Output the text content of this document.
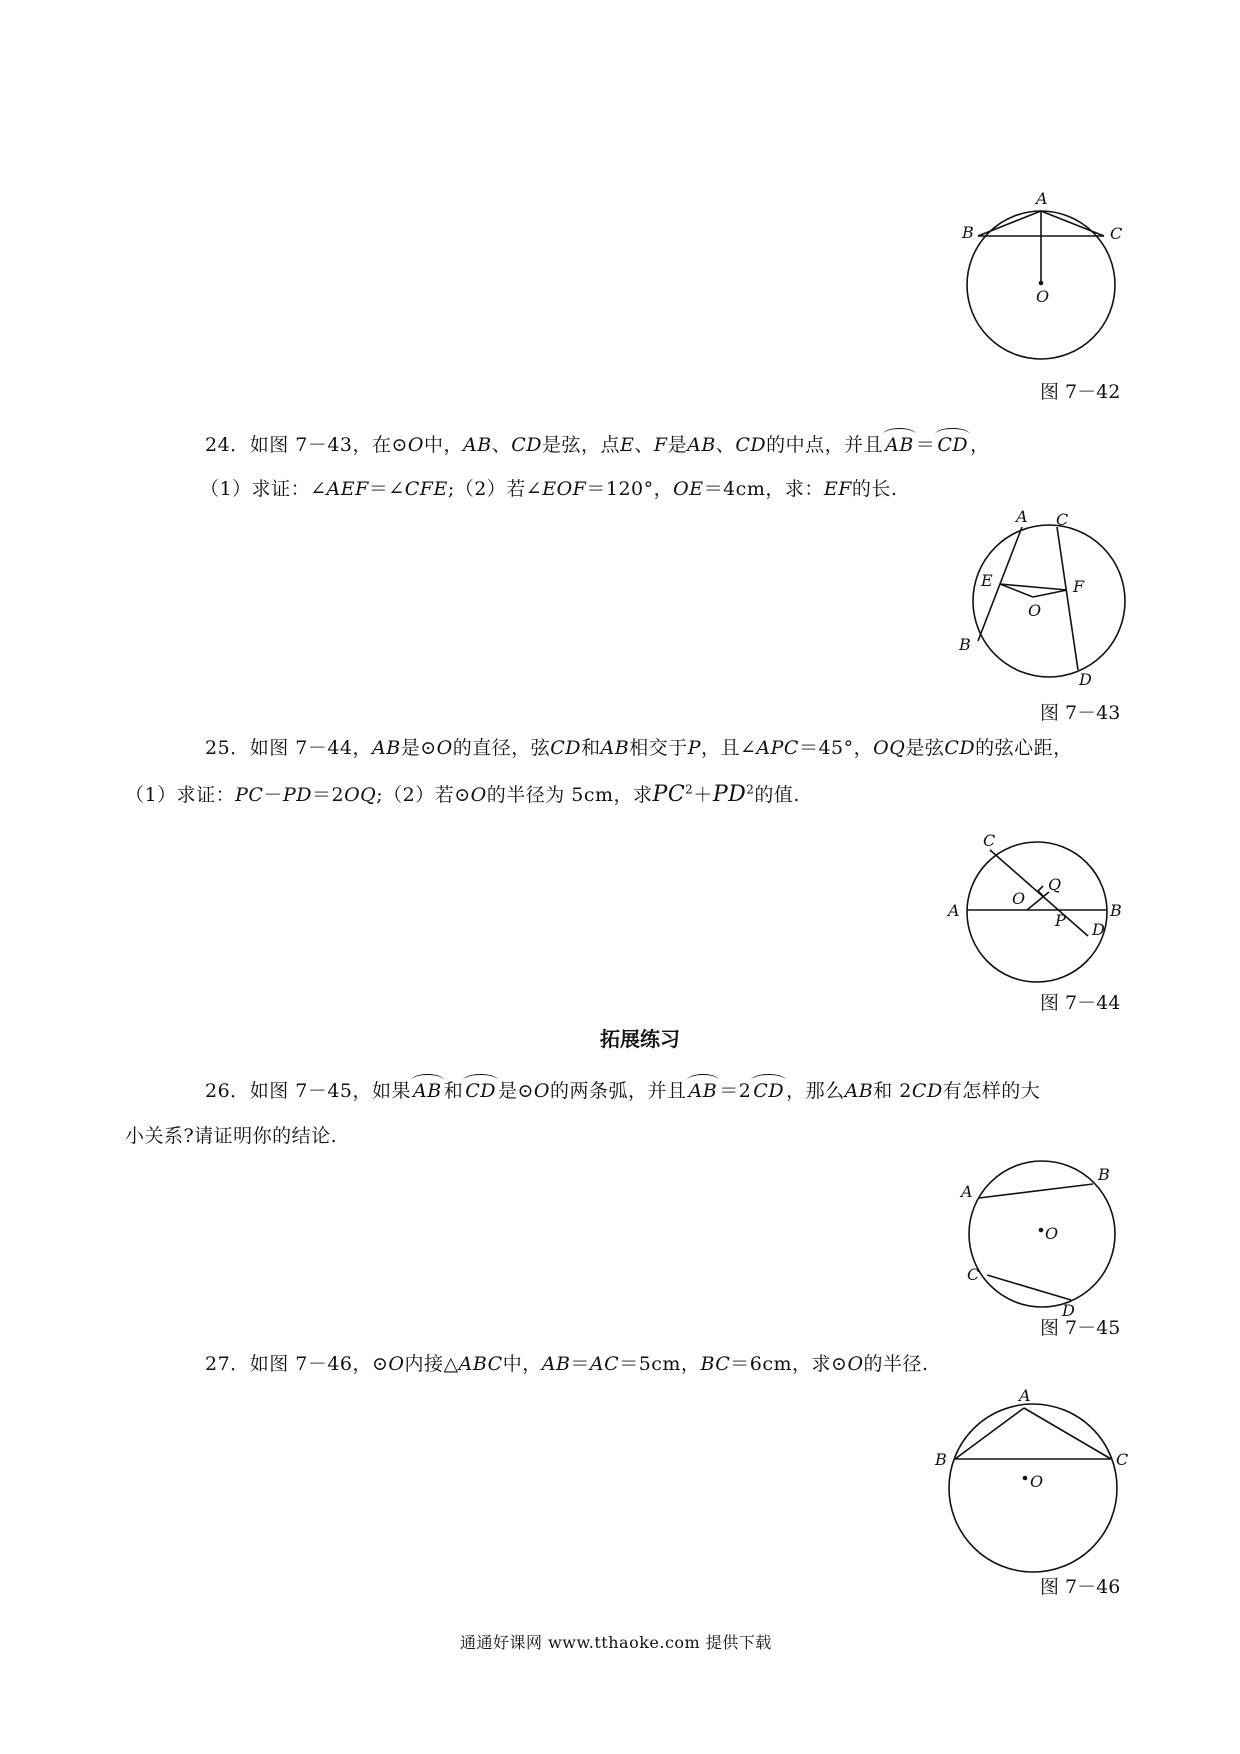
A
B	C
O
图 7－42
24．如图 7－43，在⊙O中，AB、CD是弦，点E、F是AB、CD的中点，并且 AB ＝ CD ，
（1）求证：∠AEF＝∠CFE;（2）若∠EOF＝120°，OE＝4cm，求：EF的长.
A C
E	F
O
B
D
图 7－43
25．如图 7－44，AB是⊙O的直径，弦CD和AB相交于P，且∠APC＝45°，OQ是弦CD的弦心距，
（1）求证：PC－PD＝2OQ;（2）若⊙O的半径为 5cm，求$PC^2+PD^2$的值.
C
A
O
Q
B
P D
图 7－44
拓展练习
26．如图 7－45，如果 AB 和 CD 是⊙O的两条弧，并且 AB ＝2 CD ，那么AB和 2CD有怎样的大
小关系?请证明你的结论.
A
B
O
C
D
图 7－45
27．如图 7－46，⊙O内接△ABC中，AB＝AC＝5cm，BC＝6cm，求⊙O的半径.
A
B	C
O
图 7－46
通通好课网 www.tthaoke.com 提供下载
